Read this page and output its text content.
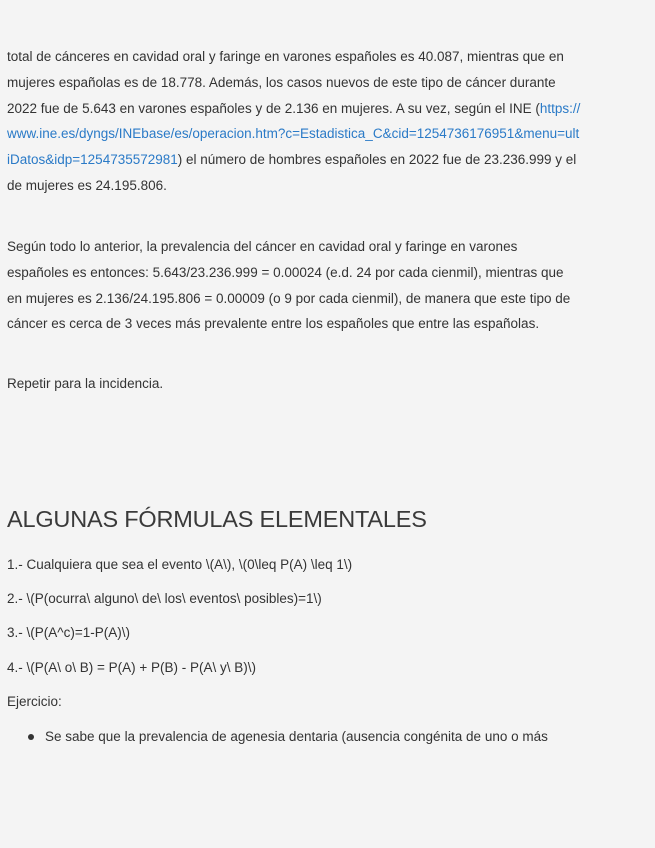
total de cánceres en cavidad oral y faringe en varones españoles es 40.087, mientras que en mujeres españolas es de 18.778. Además, los casos nuevos de este tipo de cáncer durante 2022 fue de 5.643 en varones españoles y de 2.136 en mujeres. A su vez, según el INE (https://www.ine.es/dyngs/INEbase/es/operacion.htm?c=Estadistica_C&cid=1254736176951&menu=ultiDatos&idp=1254735572981) el número de hombres españoles en 2022 fue de 23.236.999 y el de mujeres es 24.195.806.

Según todo lo anterior, la prevalencia del cáncer en cavidad oral y faringe en varones españoles es entonces: 5.643/23.236.999 = 0.00024 (e.d. 24 por cada cienmil), mientras que en mujeres es 2.136/24.195.806 = 0.00009 (o 9 por cada cienmil), de manera que este tipo de cáncer es cerca de 3 veces más prevalente entre los españoles que entre las españolas.

Repetir para la incidencia.

ALGUNAS FÓRMULAS ELEMENTALES
1.- Cualquiera que sea el evento \(A\), \(0\leq P(A) \leq 1\)
2.- \(P(ocurra\ alguno\ de\ los\ eventos\ posibles)=1\)
3.- \(P(A^c)=1-P(A)\)
4.- \(P(A\ o\ B) = P(A) + P(B) - P(A\ y\ B)\)
Ejercicio:
Se sabe que la prevalencia de agenesia dentaria (ausencia congénita de uno o más
